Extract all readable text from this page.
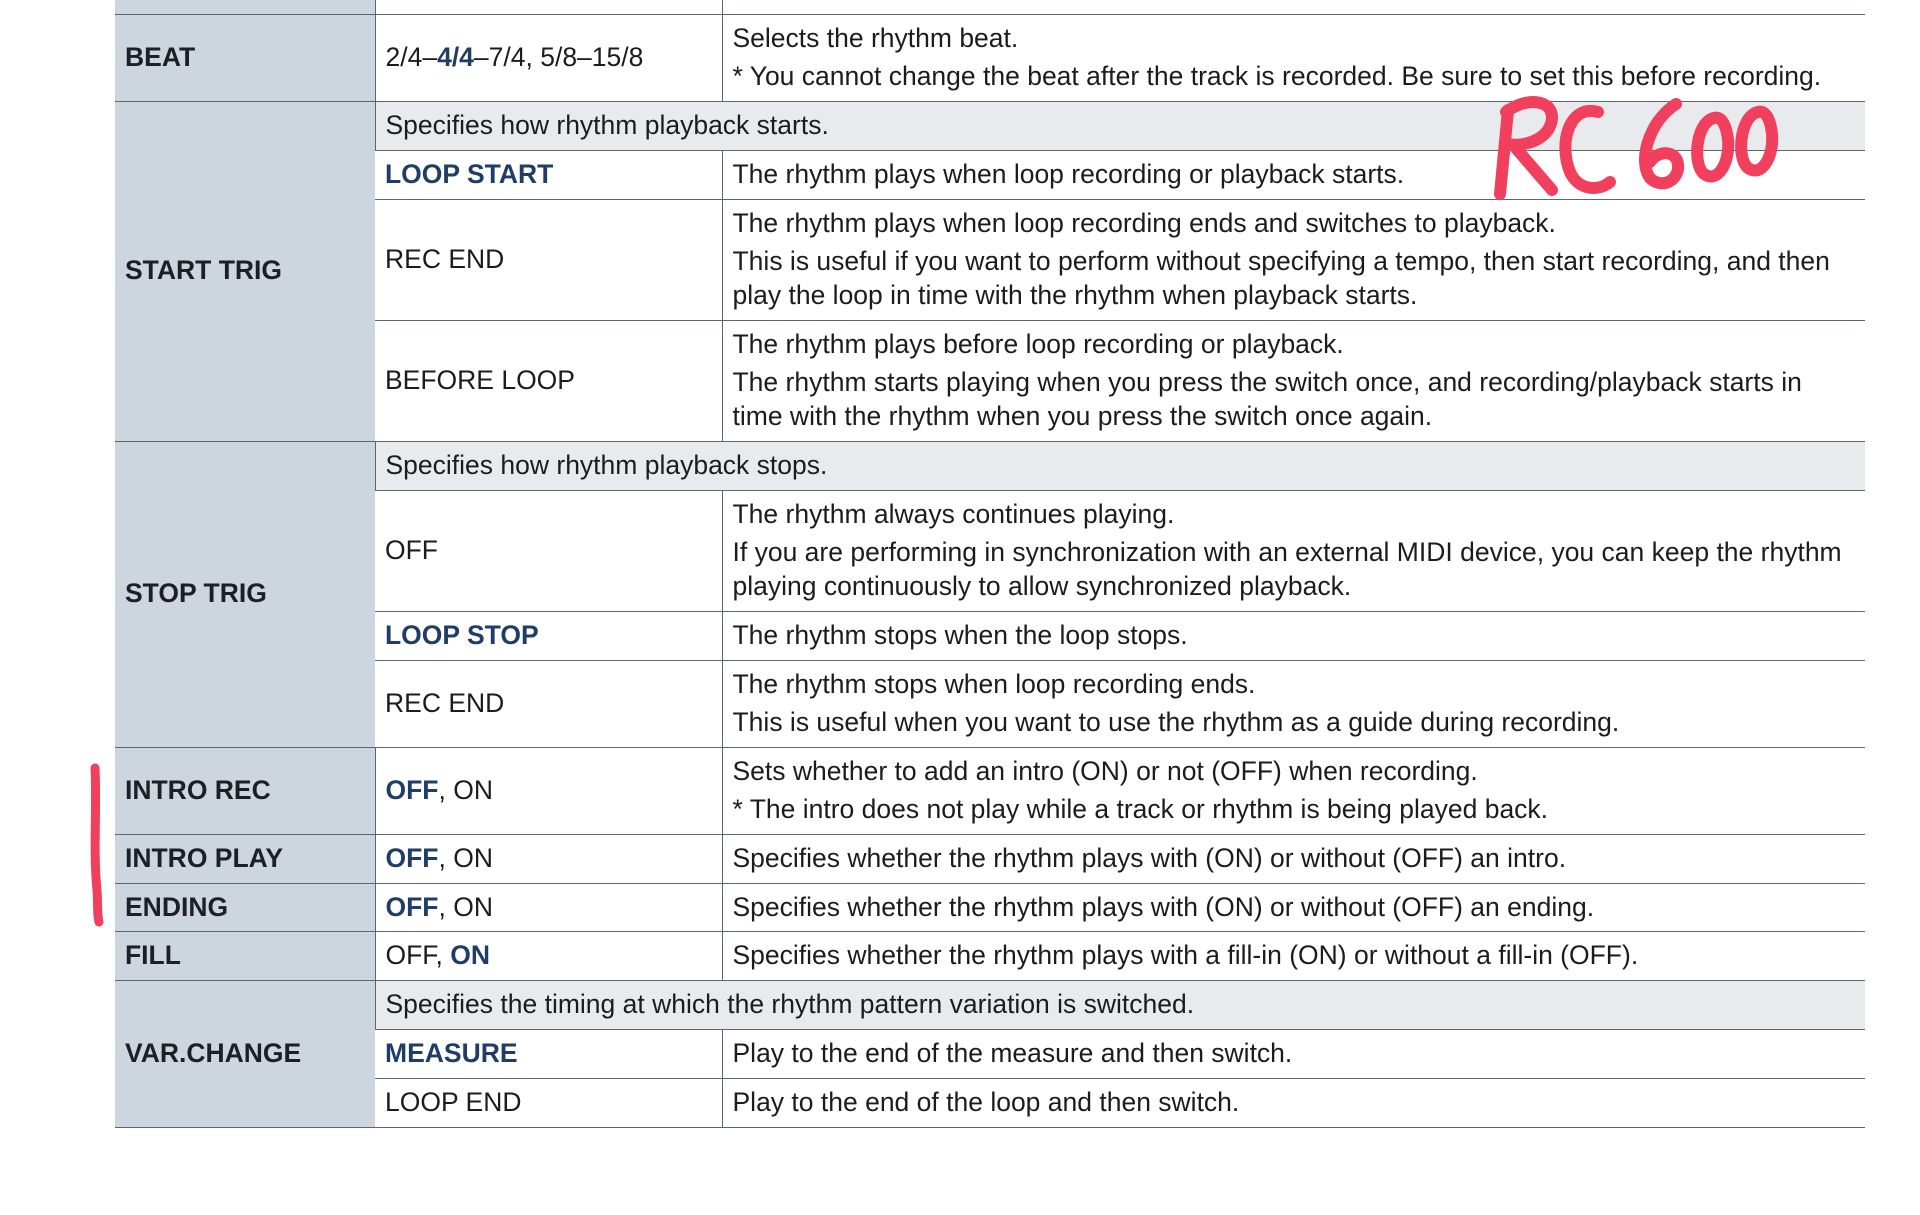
BEAT	2/4–4/4–7/4, 5/8–15/8	Selects the rhythm beat.
* You cannot change the beat after the track is recorded. Be sure to set this before recording.

START TRIG	Specifies how rhythm playback starts.	
	LOOP START	The rhythm plays when loop recording or playback starts.

	REC END	The rhythm plays when loop recording ends and switches to playback.
This is useful if you want to perform without specifying a tempo, then start recording, and then play the loop in time with the rhythm when playback starts.

	BEFORE LOOP	The rhythm plays before loop recording or playback.
The rhythm starts playing when you press the switch once, and recording/playback starts in time with the rhythm when you press the switch once again.

STOP TRIG	Specifies how rhythm playback stops.	
	OFF	The rhythm always continues playing.
If you are performing in synchronization with an external MIDI device, you can keep the rhythm playing continuously to allow synchronized playback.

	LOOP STOP	The rhythm stops when the loop stops.

	REC END	The rhythm stops when loop recording ends.
This is useful when you want to use the rhythm as a guide during recording.

INTRO REC	OFF, ON	Sets whether to add an intro (ON) or not (OFF) when recording.
* The intro does not play while a track or rhythm is being played back.

INTRO PLAY	OFF, ON	Specifies whether the rhythm plays with (ON) or without (OFF) an intro.

ENDING	OFF, ON	Specifies whether the rhythm plays with (ON) or without (OFF) an ending.

FILL	OFF, ON	Specifies whether the rhythm plays with a fill-in (ON) or without a fill-in (OFF).

VAR.CHANGE	Specifies the timing at which the rhythm pattern variation is switched.	
	MEASURE	Play to the end of the measure and then switch.

	LOOP END	Play to the end of the loop and then switch.
